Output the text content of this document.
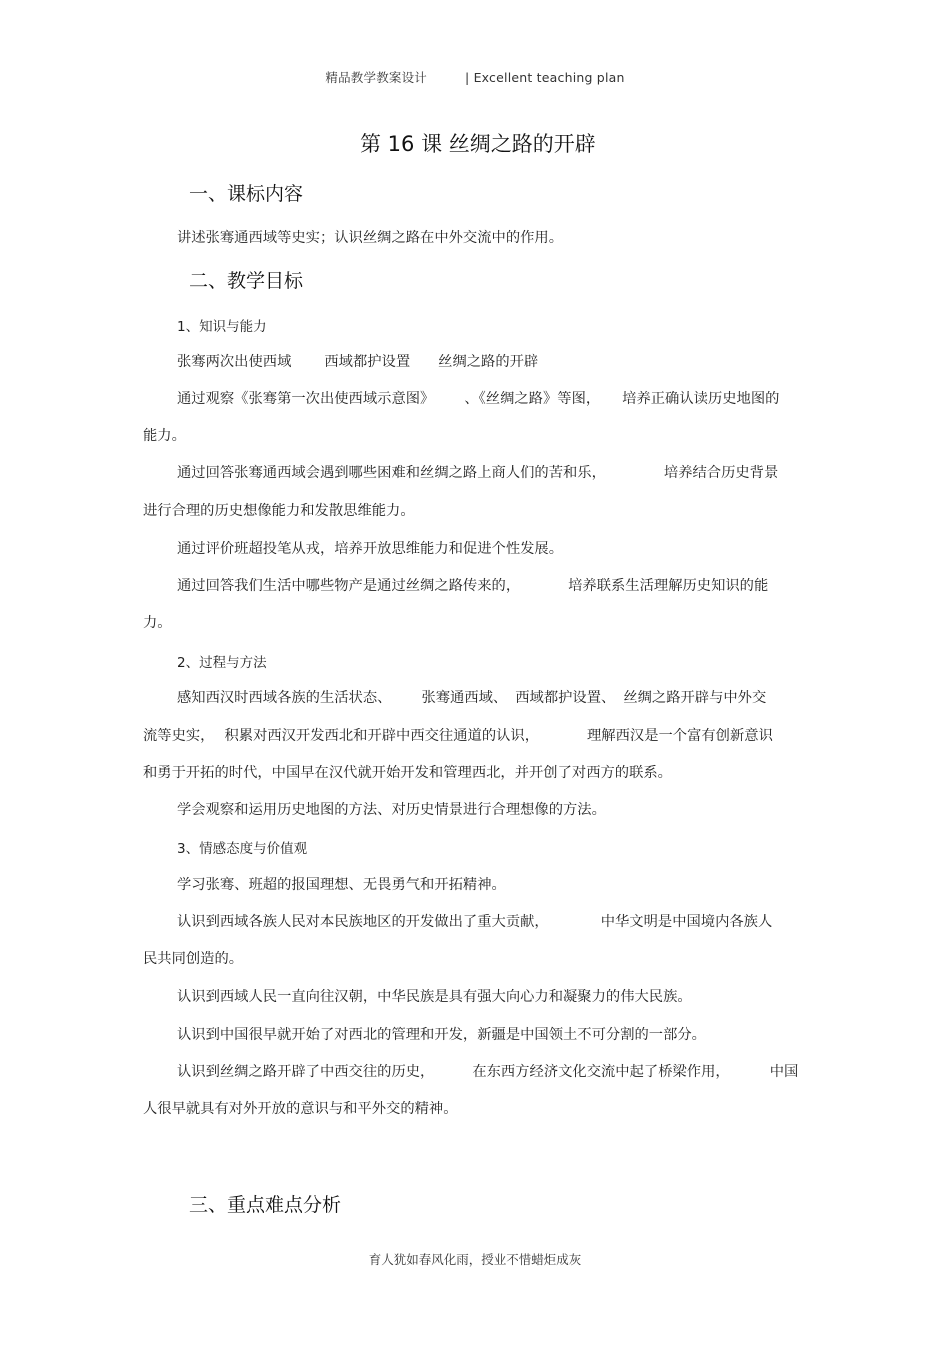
精品教学教案设计	| Excellent teaching plan
第 16 课 丝绸之路的开辟
一、课标内容
讲述张骞通西域等史实；认识丝绸之路在中外交流中的作用。
二、教学目标
1、知识与能力
张骞两次出使西域 西域都护设置 丝绸之路的开辟
通过观察《张骞第一次出使西域示意图》 、《丝绸之路》等图， 培养正确认读历史地图的
能力。
通过回答张骞通西域会遇到哪些困难和丝绸之路上商人们的苦和乐，	培养结合历史背景
进行合理的历史想像能力和发散思维能力。
通过评价班超投笔从戎，培养开放思维能力和促进个性发展。
通过回答我们生活中哪些物产是通过丝绸之路传来的，	培养联系生活理解历史知识的能
力。
2、过程与方法
感知西汉时西域各族的生活状态、 张骞通西域、 西域都护设置、 丝绸之路开辟与中外交
流等史实， 积累对西汉开发西北和开辟中西交往通道的认识，	理解西汉是一个富有创新意识
和勇于开拓的时代，中国早在汉代就开始开发和管理西北，并开创了对西方的联系。
学会观察和运用历史地图的方法、对历史情景进行合理想像的方法。
3、情感态度与价值观
学习张骞、班超的报国理想、无畏勇气和开拓精神。
认识到西域各族人民对本民族地区的开发做出了重大贡献，	中华文明是中国境内各族人
民共同创造的。
认识到西域人民一直向往汉朝，中华民族是具有强大向心力和凝聚力的伟大民族。
认识到中国很早就开始了对西北的管理和开发，新疆是中国领土不可分割的一部分。
认识到丝绸之路开辟了中西交往的历史，	在东西方经济文化交流中起了桥梁作用，	中国
人很早就具有对外开放的意识与和平外交的精神。
三、重点难点分析
育人犹如春风化雨，授业不惜蜡炬成灰
